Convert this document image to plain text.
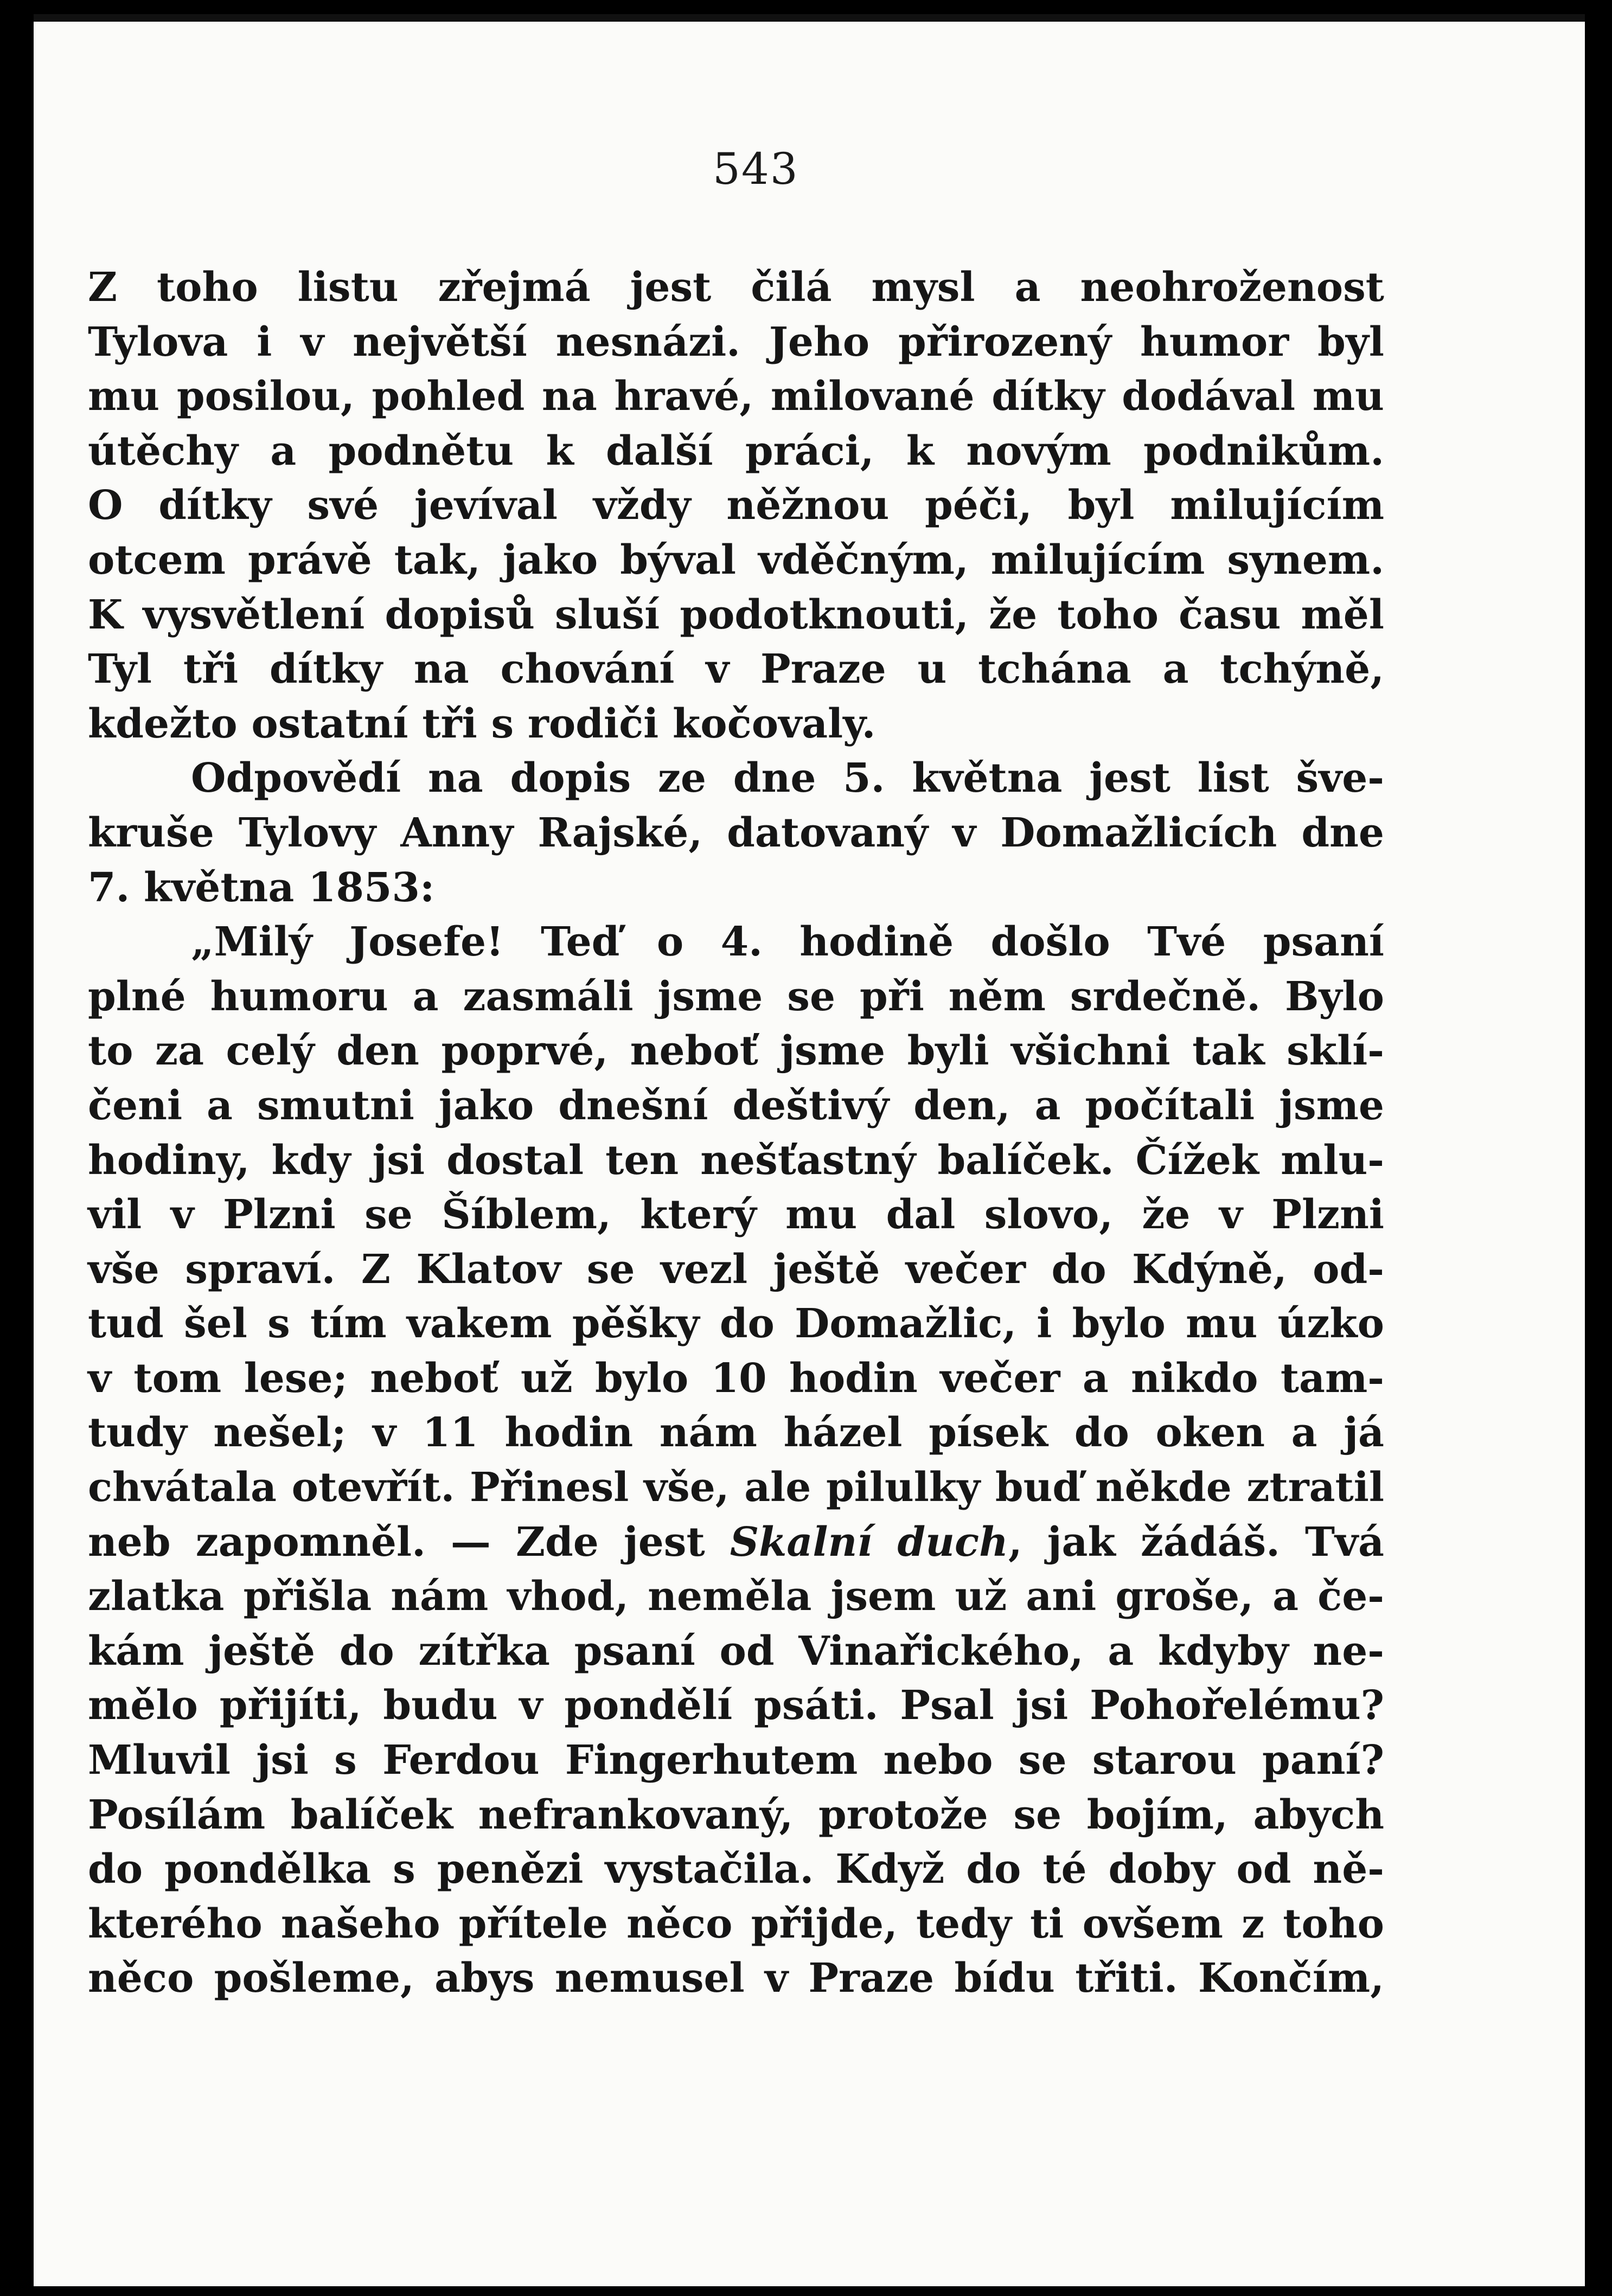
543
Z toho listu zřejmá jest čilá mysl a neohroženost
Tylova i v největší nesnázi. Jeho přirozený humor byl
mu posilou, pohled na hravé, milované dítky dodával mu
útěchy a podnětu k další práci, k novým podnikům.
O dítky své jevíval vždy něžnou péči, byl milujícím
otcem právě tak, jako býval vděčným, milujícím synem.
K vysvětlení dopisů sluší podotknouti, že toho času měl
Tyl tři dítky na chování v Praze u tchána a tchýně,
kdežto ostatní tři s rodiči kočovaly.
Odpovědí na dopis ze dne 5. května jest list šve-
kruše Tylovy Anny Rajské, datovaný v Domažlicích dne
7. května 1853:
„Milý Josefe! Teď o 4. hodině došlo Tvé psaní
plné humoru a zasmáli jsme se při něm srdečně. Bylo
to za celý den poprvé, neboť jsme byli všichni tak sklí-
čeni a smutni jako dnešní deštivý den, a počítali jsme
hodiny, kdy jsi dostal ten nešťastný balíček. Čížek mlu-
vil v Plzni se Šíblem, který mu dal slovo, že v Plzni
vše spraví. Z Klatov se vezl ještě večer do Kdýně, od-
tud šel s tím vakem pěšky do Domažlic, i bylo mu úzko
v tom lese; neboť už bylo 10 hodin večer a nikdo tam-
tudy nešel; v 11 hodin nám házel písek do oken a já
chvátala otevřít. Přinesl vše, ale pilulky buď někde ztratil
neb zapomněl. — Zde jest Skalní duch, jak žádáš. Tvá
zlatka přišla nám vhod, neměla jsem už ani groše, a če-
kám ještě do zítřka psaní od Vinařického, a kdyby ne-
mělo přijíti, budu v pondělí psáti. Psal jsi Pohořelému?
Mluvil jsi s Ferdou Fingerhutem nebo se starou paní?
Posílám balíček nefrankovaný, protože se bojím, abych
do pondělka s penězi vystačila. Když do té doby od ně-
kterého našeho přítele něco přijde, tedy ti ovšem z toho
něco pošleme, abys nemusel v Praze bídu třiti. Končím,
